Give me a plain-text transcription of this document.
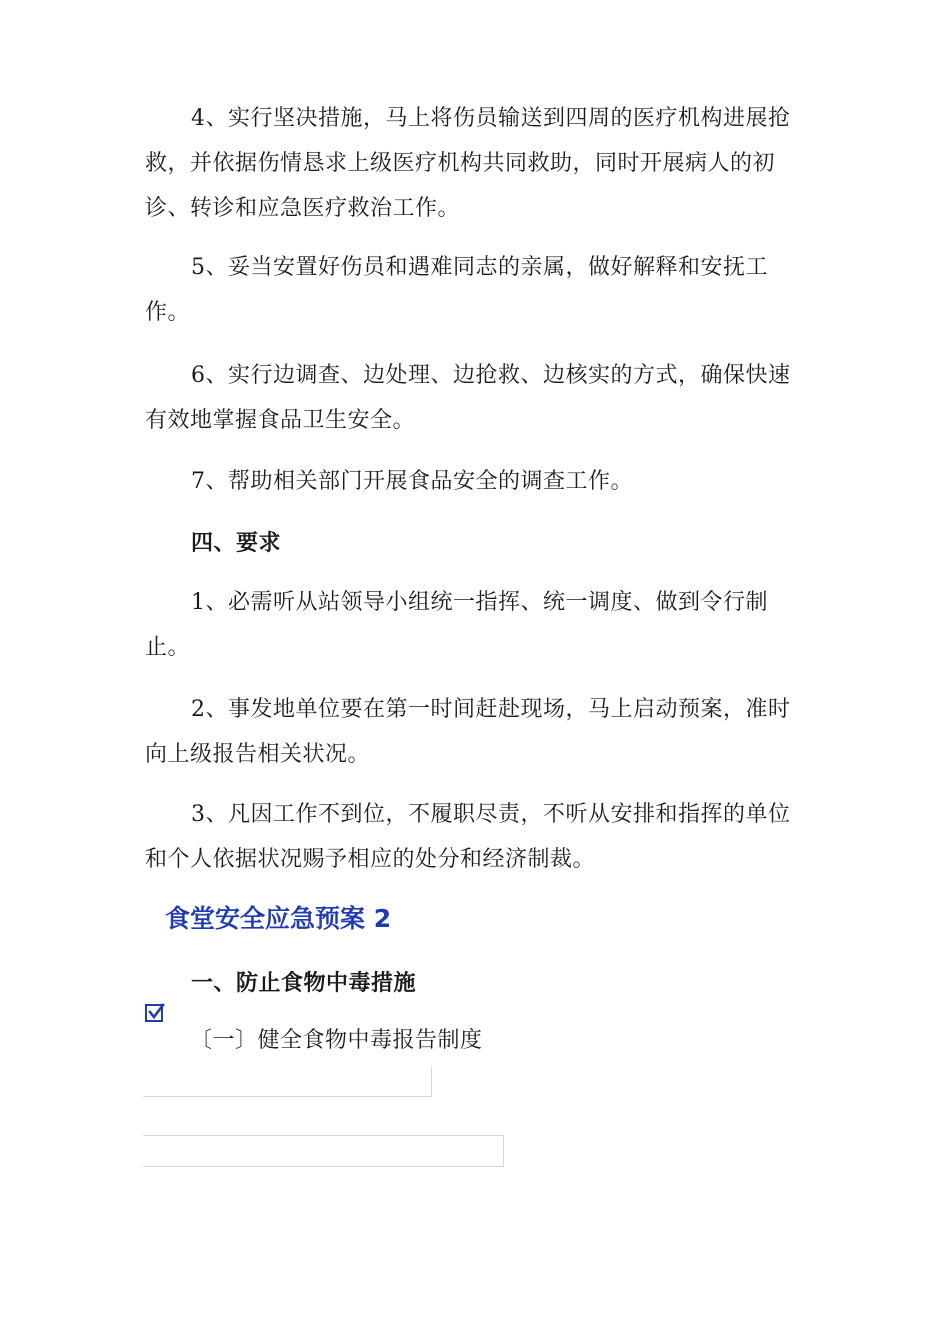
4、实行坚决措施，马上将伤员输送到四周的医疗机构进展抢救，并依据伤情恳求上级医疗机构共同救助，同时开展病人的初诊、转诊和应急医疗救治工作。

5、妥当安置好伤员和遇难同志的亲属，做好解释和安抚工作。

6、实行边调查、边处理、边抢救、边核实的方式，确保快速有效地掌握食品卫生安全。

7、帮助相关部门开展食品安全的调查工作。

四、要求

1、必需听从站领导小组统一指挥、统一调度、做到令行制止。

2、事发地单位要在第一时间赶赴现场，马上启动预案，准时向上级报告相关状况。

3、凡因工作不到位，不履职尽责，不听从安排和指挥的单位和个人依据状况赐予相应的处分和经济制裁。

食堂安全应急预案 2
一、防止食物中毒措施

〔一〕健全食物中毒报告制度
